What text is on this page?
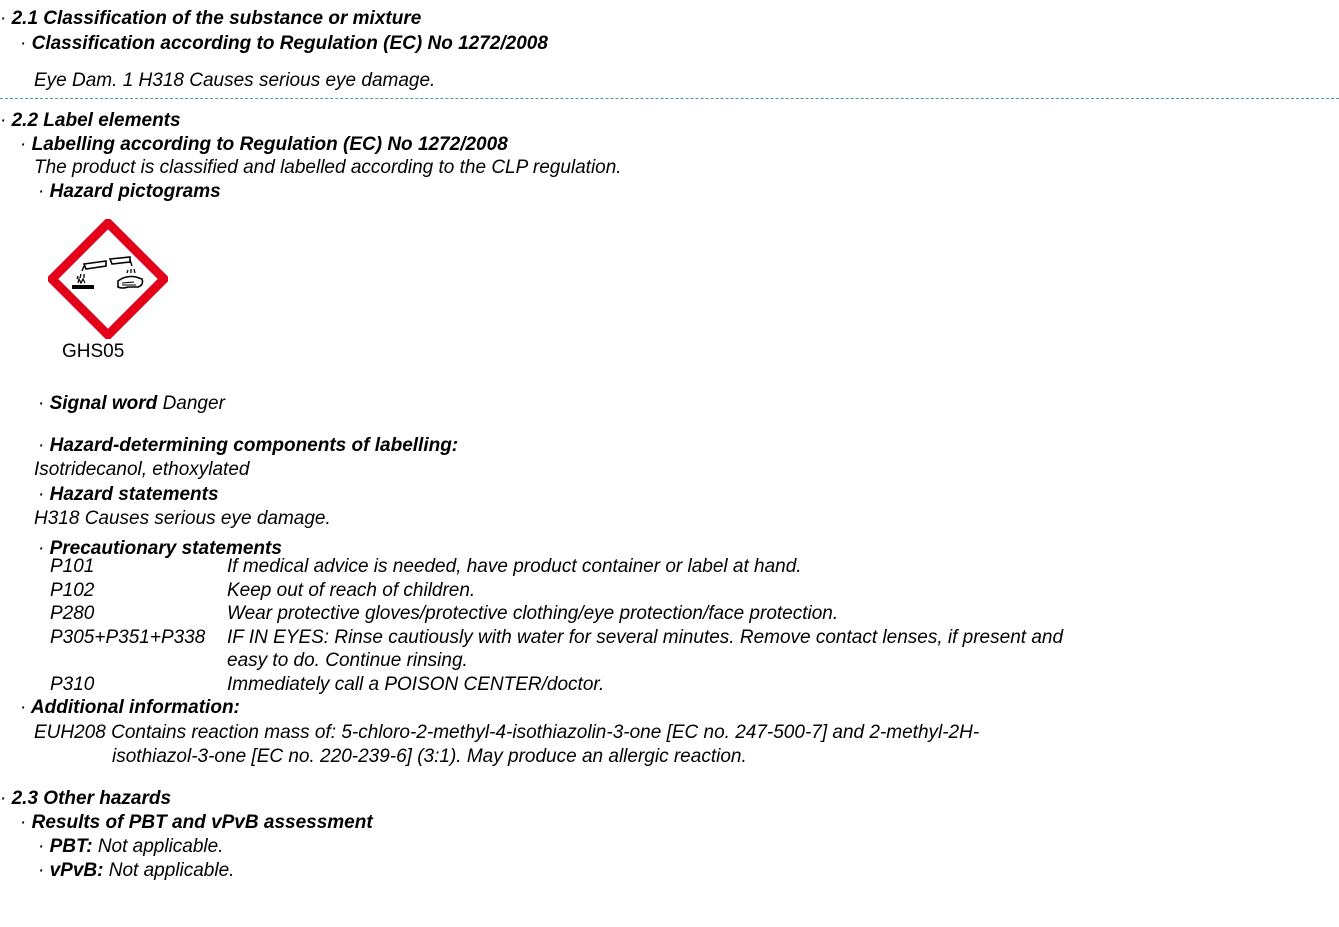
· 2.1 Classification of the substance or mixture
· Classification according to Regulation (EC) No 1272/2008
Eye Dam. 1 H318 Causes serious eye damage.
· 2.2 Label elements
· Labelling according to Regulation (EC) No 1272/2008
The product is classified and labelled according to the CLP regulation.
· Hazard pictograms
GHS05
· Signal word Danger
· Hazard-determining components of labelling:
Isotridecanol, ethoxylated
· Hazard statements
H318 Causes serious eye damage.
· Precautionary statements
P101	If medical advice is needed, have product container or label at hand.
P102	Keep out of reach of children.
P280	Wear protective gloves/protective clothing/eye protection/face protection.
P305+P351+P338 IF IN EYES: Rinse cautiously with water for several minutes. Remove contact lenses, if present and
easy to do. Continue rinsing.
P310	Immediately call a POISON CENTER/doctor.
· Additional information:
EUH208 Contains reaction mass of: 5-chloro-2-methyl-4-isothiazolin-3-one [EC no. 247-500-7] and 2-methyl-2H-
isothiazol-3-one [EC no. 220-239-6] (3:1). May produce an allergic reaction.
· 2.3 Other hazards
· Results of PBT and vPvB assessment
· PBT: Not applicable.
· vPvB: Not applicable.
